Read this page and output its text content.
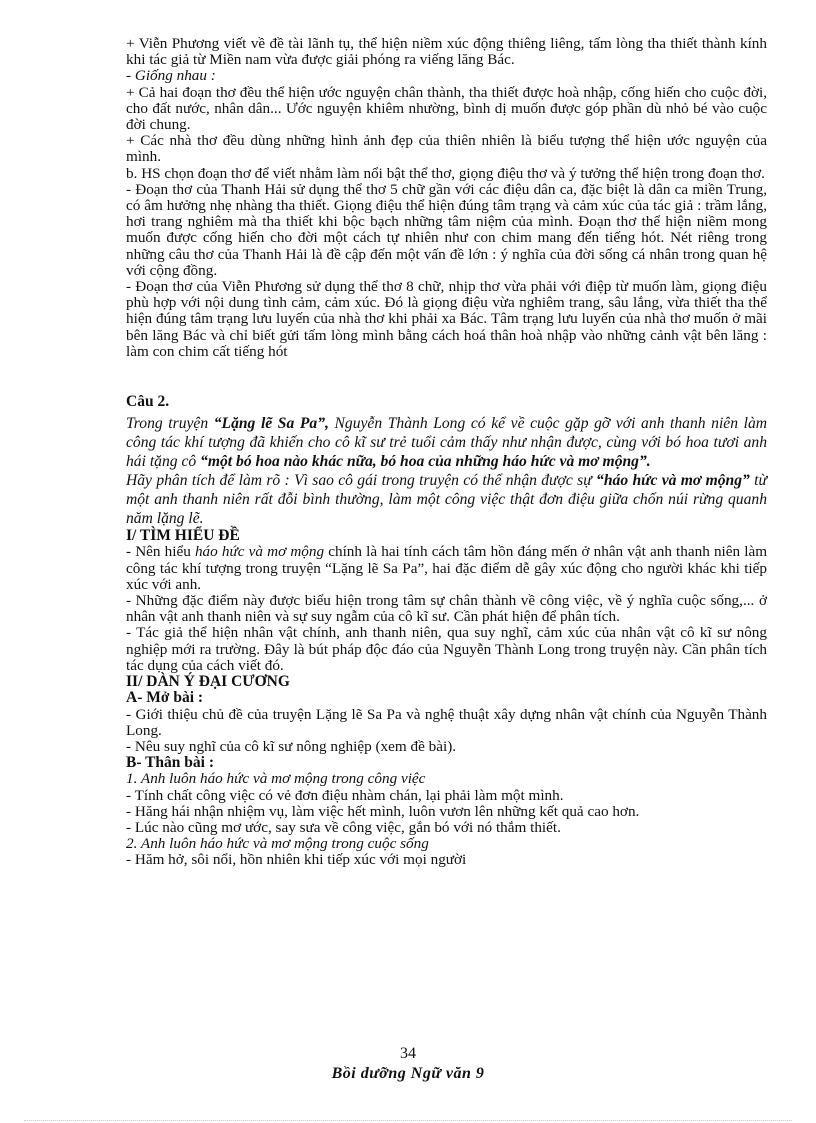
+ Viễn Phương viết về đề tài lãnh tụ, thể hiện niềm xúc động thiêng liêng, tấm lòng tha thiết thành kính khi tác giả từ Miền nam vừa được giải phóng ra viếng lăng Bác.

- Giống nhau :

+ Cả hai đoạn thơ đều thể hiện ước nguyện chân thành, tha thiết được hoà nhập, cống hiến cho cuộc đời, cho đất nước, nhân dân... Ước nguyện khiêm nhường, bình dị muốn được góp phần dù nhỏ bé vào cuộc đời chung.

+ Các nhà thơ đều dùng những hình ảnh đẹp của thiên nhiên là biểu tượng thể hiện ước nguyện của mình.

b. HS chọn đoạn thơ để viết nhằm làm nổi bật thể thơ, giọng điệu thơ và ý tưởng thể hiện trong đoạn thơ.

- Đoạn thơ của Thanh Hải sử dụng thể thơ 5 chữ gần với các điệu dân ca, đặc biệt là dân ca miền Trung, có âm hưởng nhẹ nhàng tha thiết. Giọng điệu thể hiện đúng tâm trạng và cảm xúc của tác giả : trầm lắng, hơi trang nghiêm mà tha thiết khi bộc bạch những tâm niệm của mình. Đoạn thơ thể hiện niềm mong muốn được cống hiến cho đời một cách tự nhiên như con chim mang đến tiếng hót. Nét riêng trong những câu thơ của Thanh Hải là đề cập đến một vấn đề lớn : ý nghĩa của đời sống cá nhân trong quan hệ với cộng đồng.

- Đoạn thơ của Viễn Phương sử dụng thể thơ 8 chữ, nhịp thơ vừa phải với điệp từ muốn làm, giọng điệu phù hợp với nội dung tình cảm, cảm xúc. Đó là giọng điệu vừa nghiêm trang, sâu lắng, vừa thiết tha thể hiện đúng tâm trạng lưu luyến của nhà thơ khi phải xa Bác. Tâm trạng lưu luyến của nhà thơ muốn ở mãi bên lăng Bác và chỉ biết gửi tấm lòng mình bằng cách hoá thân hoà nhập vào những cảnh vật bên lăng : làm con chim cất tiếng hót

Câu 2.

Trong truyện “Lặng lẽ Sa Pa”, Nguyễn Thành Long có kể về cuộc gặp gỡ với anh thanh niên làm công tác khí tượng đã khiến cho cô kĩ sư trẻ tuổi cảm thấy như nhận được, cùng với bó hoa tươi anh hái tặng cô “một bó hoa nào khác nữa, bó hoa của những háo hức và mơ mộng”.

Hãy phân tích để làm rõ : Vì sao cô gái trong truyện có thể nhận được sự “háo hức và mơ mộng” từ một anh thanh niên rất đỗi bình thường, làm một công việc thật đơn điệu giữa chốn núi rừng quanh năm lặng lẽ.

I/ TÌM HIỂU ĐỀ

- Nên hiểu háo hức và mơ mộng chính là hai tính cách tâm hồn đáng mến ở nhân vật anh thanh niên làm công tác khí tượng trong truyện “Lặng lẽ Sa Pa”, hai đặc điểm dễ gây xúc động cho người khác khi tiếp xúc với anh.

- Những đặc điểm này được biểu hiện trong tâm sự chân thành về công việc, về ý nghĩa cuộc sống,... ở nhân vật anh thanh niên và sự suy ngẫm của cô kĩ sư. Cần phát hiện để phân tích.

- Tác giả thể hiện nhân vật chính, anh thanh niên, qua suy nghĩ, cảm xúc của nhân vật cô kĩ sư nông nghiệp mới ra trường. Đây là bút pháp độc đáo của Nguyễn Thành Long trong truyện này. Cần phân tích tác dụng của cách viết đó.

II/ DÀN Ý ĐẠI CƯƠNG

A- Mở bài :

- Giới thiệu chủ đề của truyện Lặng lẽ Sa Pa và nghệ thuật xây dựng nhân vật chính của Nguyễn Thành Long.

- Nêu suy nghĩ của cô kĩ sư nông nghiệp (xem đề bài).

B- Thân bài :

1. Anh luôn háo hức và mơ mộng trong công việc

- Tính chất công việc có vẻ đơn điệu nhàm chán, lại phải làm một mình.

- Hăng hái nhận nhiệm vụ, làm việc hết mình, luôn vươn lên những kết quả cao hơn.

- Lúc nào cũng mơ ước, say sưa về công việc, gắn bó với nó thắm thiết.

2. Anh luôn háo hức và mơ mộng trong cuộc sống

- Hăm hở, sôi nổi, hồn nhiên khi tiếp xúc với mọi người

34
Bồi dưỡng Ngữ văn 9
